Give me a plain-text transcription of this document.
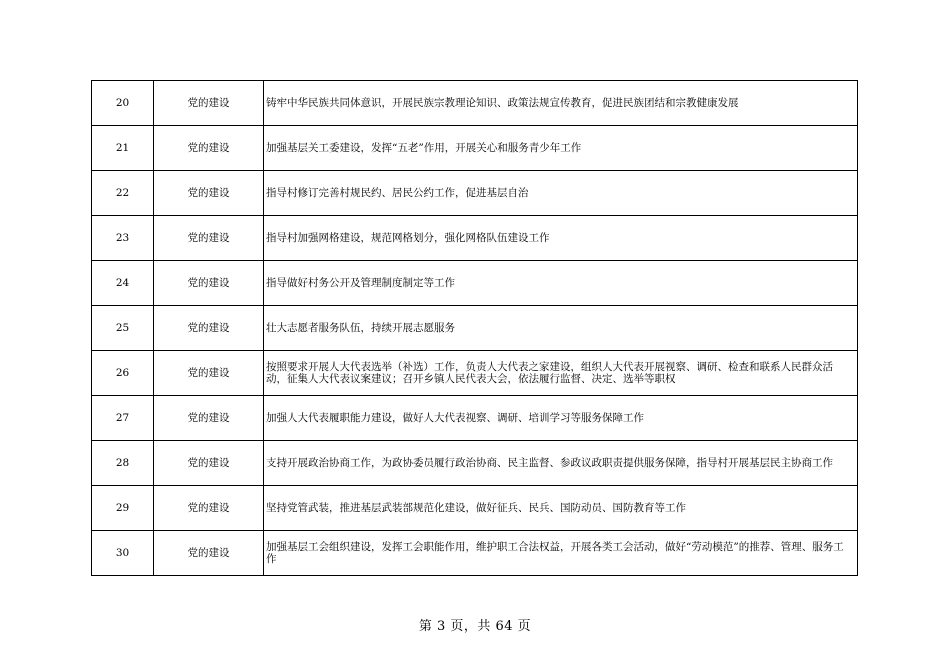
20	党的建设	铸牢中华民族共同体意识，开展民族宗教理论知识、政策法规宣传教育，促进民族团结和宗教健康发展
21	党的建设	加强基层关工委建设，发挥“五老”作用，开展关心和服务青少年工作
22	党的建设	指导村修订完善村规民约、居民公约工作，促进基层自治
23	党的建设	指导村加强网格建设，规范网格划分，强化网格队伍建设工作
24	党的建设	指导做好村务公开及管理制度制定等工作
25	党的建设	壮大志愿者服务队伍，持续开展志愿服务
26	党的建设	按照要求开展人大代表选举（补选）工作，负责人大代表之家建设，组织人大代表开展视察、调研、检查和联系人民群众活动，征集人大代表议案建议；召开乡镇人民代表大会，依法履行监督、决定、选举等职权
27	党的建设	加强人大代表履职能力建设，做好人大代表视察、调研、培训学习等服务保障工作
28	党的建设	支持开展政治协商工作，为政协委员履行政治协商、民主监督、参政议政职责提供服务保障，指导村开展基层民主协商工作
29	党的建设	坚持党管武装，推进基层武装部规范化建设，做好征兵、民兵、国防动员、国防教育等工作
30	党的建设	加强基层工会组织建设，发挥工会职能作用，维护职工合法权益，开展各类工会活动，做好“劳动模范”的推荐、管理、服务工作
第 3 页，共 64 页
